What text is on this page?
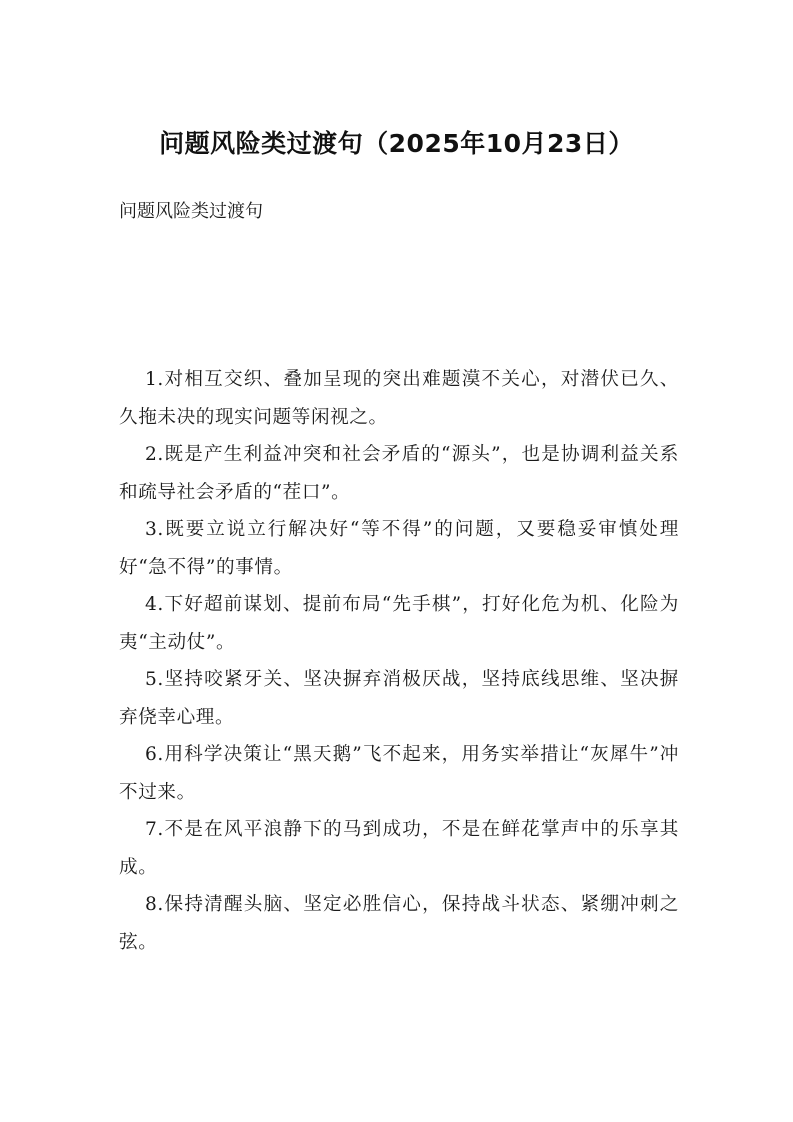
问题风险类过渡句（2025年10月23日）

问题风险类过渡句

1.对相互交织、叠加呈现的突出难题漠不关心，对潜伏已久、久拖未决的现实问题等闲视之。
2.既是产生利益冲突和社会矛盾的“源头”，也是协调利益关系和疏导社会矛盾的“茬口”。
3.既要立说立行解决好“等不得”的问题，又要稳妥审慎处理好“急不得”的事情。
4.下好超前谋划、提前布局“先手棋”，打好化危为机、化险为夷“主动仗”。
5.坚持咬紧牙关、坚决摒弃消极厌战，坚持底线思维、坚决摒弃侥幸心理。
6.用科学决策让“黑天鹅”飞不起来，用务实举措让“灰犀牛”冲不过来。
7.不是在风平浪静下的马到成功，不是在鲜花掌声中的乐享其成。
8.保持清醒头脑、坚定必胜信心，保持战斗状态、紧绷冲刺之弦。
